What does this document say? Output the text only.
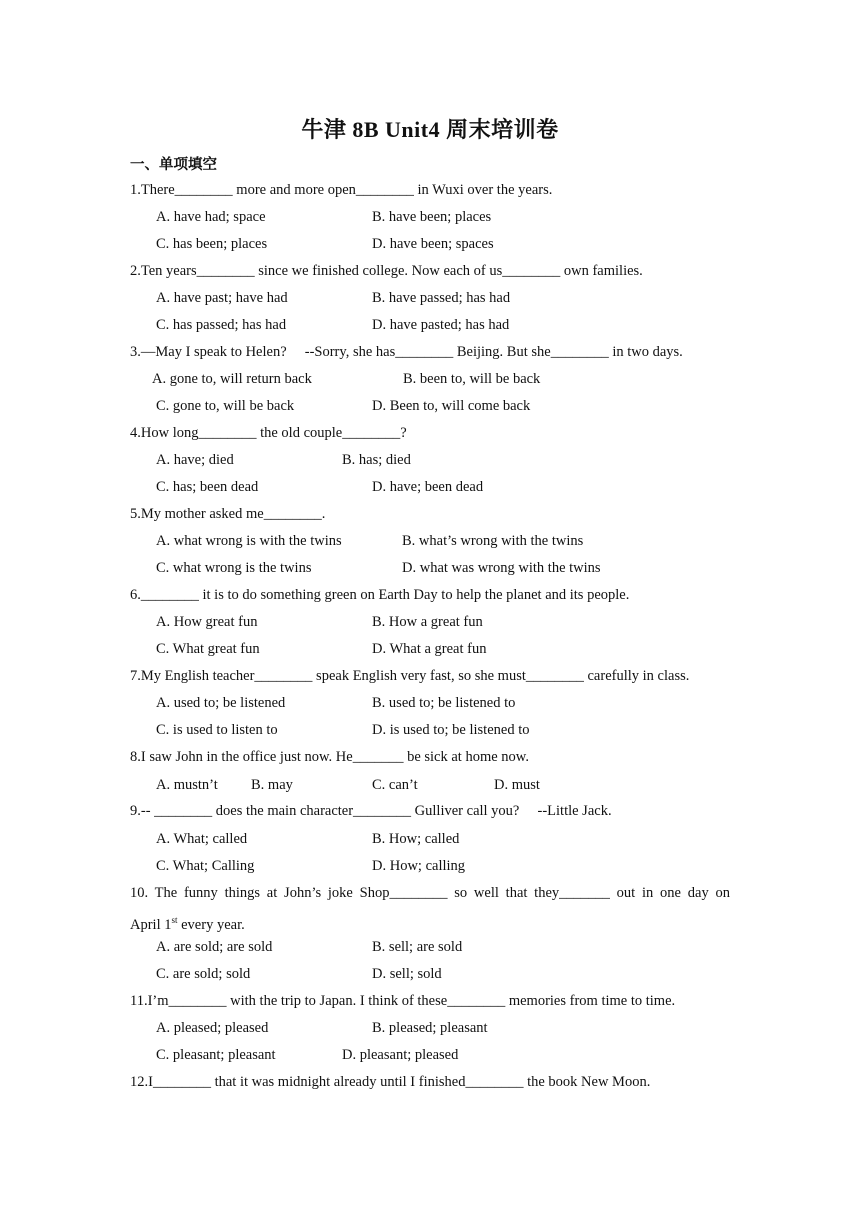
牛津 8B Unit4 周末培训卷
一、单项填空
1.There________ more and more open________ in Wuxi over the years.
A. have had; space	B. have been; places
C. has been; places	D. have been; spaces
2.Ten years________ since we finished college. Now each of us________ own families.
A. have past; have had	B. have passed; has had
C. has passed; has had	D. have pasted; has had
3.—May I speak to Helen?     --Sorry, she has________ Beijing. But she________ in two days.
A. gone to, will return back	B. been to, will be back
C. gone to, will be back	D. Been to, will come back
4.How long________ the old couple________?
A. have; died	B. has; died
C. has; been dead	D. have; been dead
5.My mother asked me________.
A. what wrong is with the twins	B. what’s wrong with the twins
C. what wrong is the twins	D. what was wrong with the twins
6.________ it is to do something green on Earth Day to help the planet and its people.
A. How great fun	B. How a great fun
C. What great fun	D. What a great fun
7.My English teacher________ speak English very fast, so she must________ carefully in class.
A. used to; be listened	B. used to; be listened to
C. is used to listen to	D. is used to; be listened to
8.I saw John in the office just now. He_______ be sick at home now.
A. mustn’t B. may	C. can’t	D. must
9.-- ________ does the main character________ Gulliver call you?     --Little Jack.
A. What; called	B. How; called
C. What; Calling	D. How; calling
10. The funny things at John’s joke Shop________ so well that they_______ out in one day on
April 1st every year.
A. are sold; are sold	B. sell; are sold
C. are sold; sold	D. sell; sold
11.I’m________ with the trip to Japan. I think of these________ memories from time to time.
A. pleased; pleased	B. pleased; pleasant
C. pleasant; pleasant	D. pleasant; pleased
12.I________ that it was midnight already until I finished________ the book New Moon.
